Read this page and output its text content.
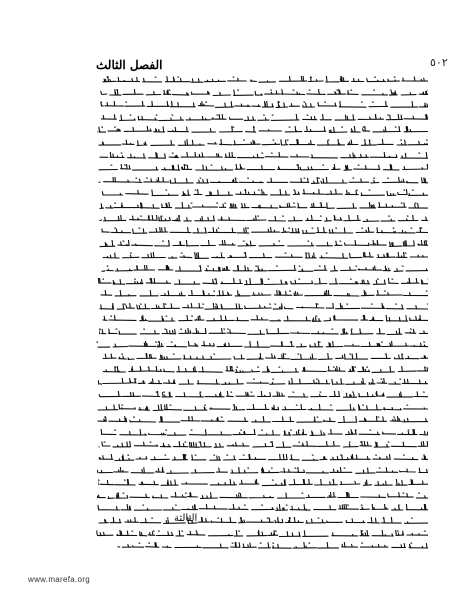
الفصل الثالث	٥٠٢
الثالثة
www.marefa.org
